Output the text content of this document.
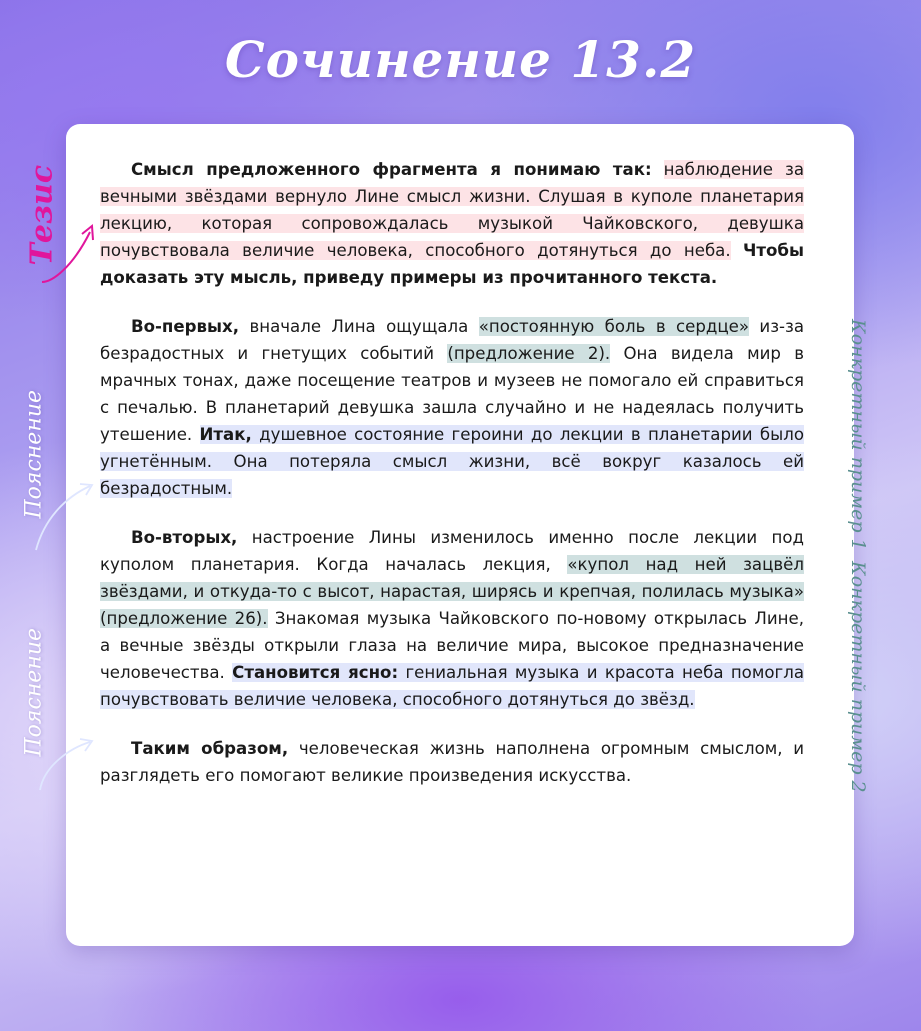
Сочинение 13.2

Смысл предложенного фрагмента я понимаю так: наблюдение за вечными звёздами вернуло Лине смысл жизни. Слушая в куполе планетария лекцию, которая сопровождалась музыкой Чайковского, девушка почувствовала величие человека, способного дотянуться до неба. Чтобы доказать эту мысль, приведу примеры из прочитанного текста.

Во-первых, вначале Лина ощущала «постоянную боль в сердце» из-за безрадостных и гнетущих событий (предложение 2). Она видела мир в мрачных тонах, даже посещение театров и музеев не помогало ей справиться с печалью. В планетарий девушка зашла случайно и не надеялась получить утешение. Итак, душевное состояние героини до лекции в планетарии было угнетённым. Она потеряла смысл жизни, всё вокруг казалось ей безрадостным.

Во-вторых, настроение Лины изменилось именно после лекции под куполом планетария. Когда началась лекция, «купол над ней зацвёл звёздами, и откуда-то с высот, нарастая, ширясь и крепчая, полилась музыка» (предложение 26). Знакомая музыка Чайковского по-новому открылась Лине, а вечные звёзды открыли глаза на величие мира, высокое предназначение человечества. Становится ясно: гениальная музыка и красота неба помогла почувствовать величие человека, способного дотянуться до звёзд.

Таким образом, человеческая жизнь наполнена огромным смыслом, и разглядеть его помогают великие произведения искусства.

Тезис
Пояснение
Пояснение
Конкретный пример 1
Конкретный пример 2
